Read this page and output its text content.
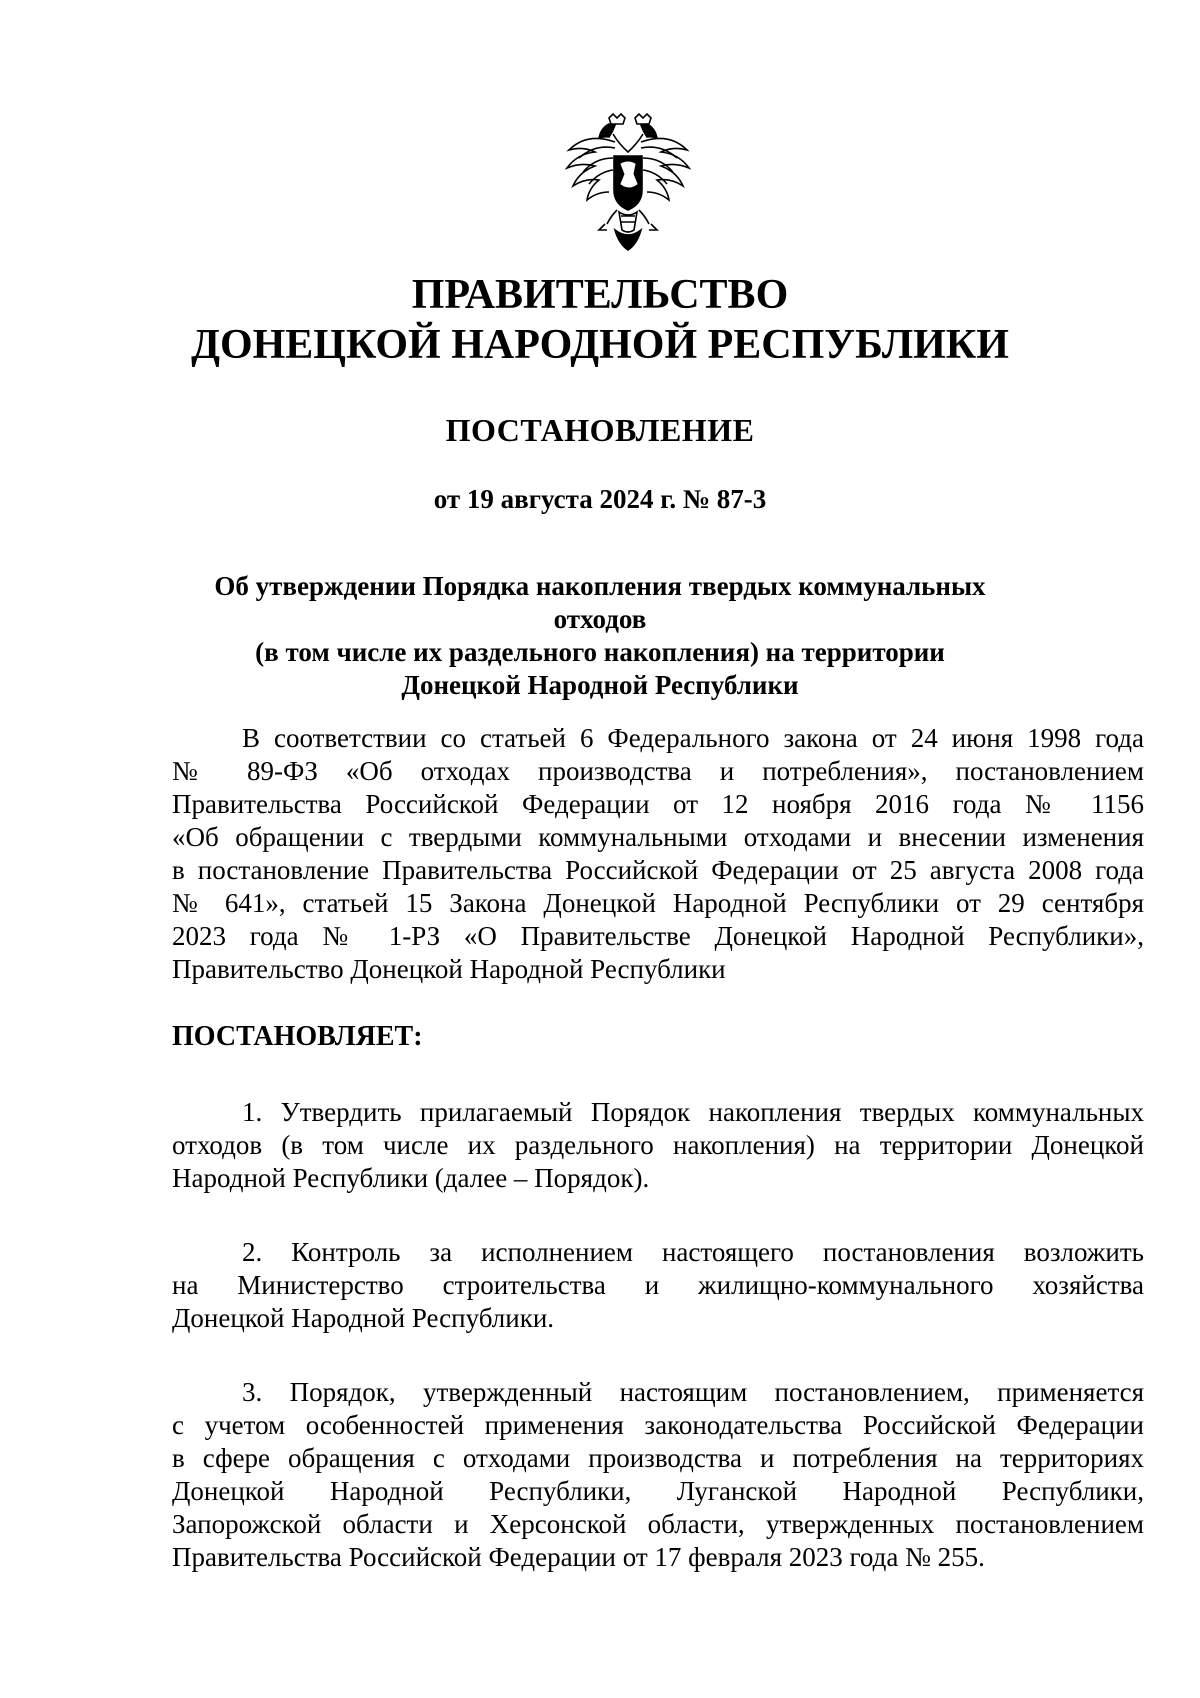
ПРАВИТЕЛЬСТВО
ДОНЕЦКОЙ НАРОДНОЙ РЕСПУБЛИКИ
ПОСТАНОВЛЕНИЕ

от 19 августа 2024 г. № 87-3

Об утверждении Порядка накопления твердых коммунальных отходов
(в том числе их раздельного накопления) на территории
Донецкой Народной Республики

В соответствии со статьей 6 Федерального закона от 24 июня 1998 года
№ 89-ФЗ «Об отходах производства и потребления», постановлением
Правительства Российской Федерации от 12 ноября 2016 года № 1156
«Об обращении с твердыми коммунальными отходами и внесении изменения
в постановление Правительства Российской Федерации от 25 августа 2008 года
№ 641», статьей 15 Закона Донецкой Народной Республики от 29 сентября
2023 года № 1-РЗ «О Правительстве Донецкой Народной Республики»,
Правительство Донецкой Народной Республики

ПОСТАНОВЛЯЕТ:

1. Утвердить прилагаемый Порядок накопления твердых коммунальных
отходов (в том числе их раздельного накопления) на территории Донецкой
Народной Республики (далее – Порядок).

2. Контроль за исполнением настоящего постановления возложить
на Министерство строительства и жилищно-коммунального хозяйства
Донецкой Народной Республики.

3. Порядок, утвержденный настоящим постановлением, применяется
с учетом особенностей применения законодательства Российской Федерации
в сфере обращения с отходами производства и потребления на территориях
Донецкой Народной Республики, Луганской Народной Республики,
Запорожской области и Херсонской области, утвержденных постановлением
Правительства Российской Федерации от 17 февраля 2023 года № 255.
